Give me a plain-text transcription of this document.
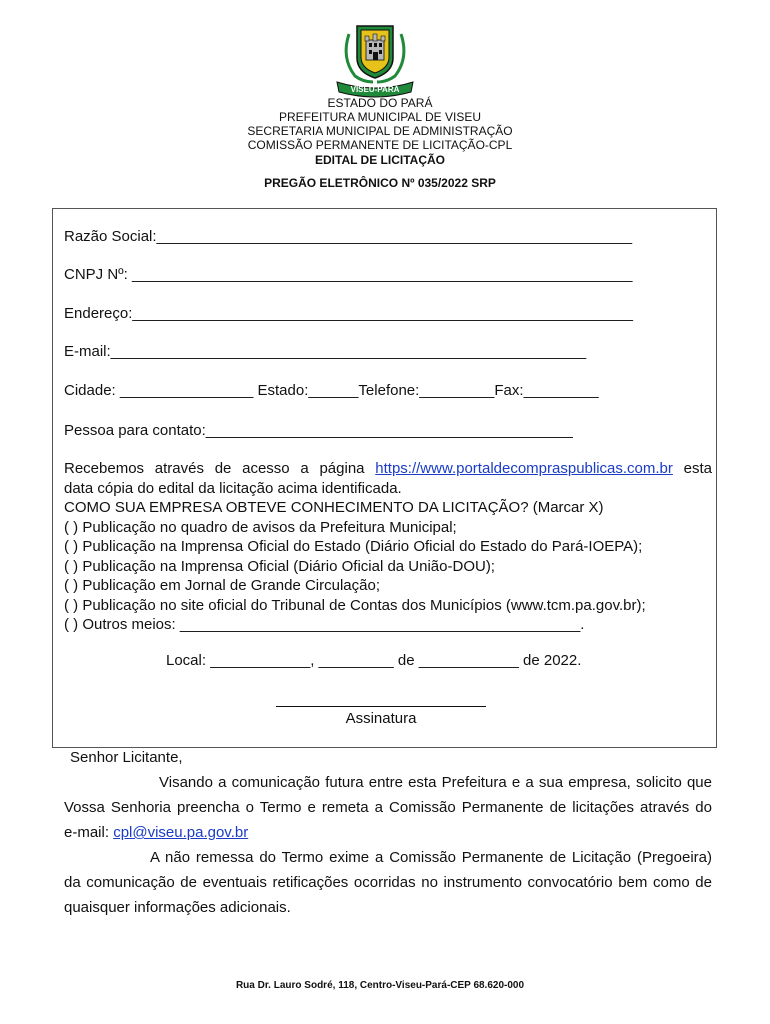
VISEU-PARÁ
ESTADO DO PARÁ
PREFEITURA MUNICIPAL DE VISEU
SECRETARIA MUNICIPAL DE ADMINISTRAÇÃO
COMISSÃO PERMANENTE DE LICITAÇÃO-CPL
EDITAL DE LICITAÇÃO
PREGÃO ELETRÔNICO Nº 035/2022 SRP
Razão Social:_________________________________________________________
CNPJ Nº: ____________________________________________________________
Endereço:____________________________________________________________
E-mail:_________________________________________________________
Cidade: ________________ Estado:______Telefone:_________Fax:_________
Pessoa para contato:____________________________________________

Recebemos através de acesso a página https://www.portaldecompraspublicas.com.br esta

data cópia do edital da licitação acima identificada.

COMO SUA EMPRESA OBTEVE CONHECIMENTO DA LICITAÇÃO? (Marcar X)

( ) Publicação no quadro de avisos da Prefeitura Municipal;

( ) Publicação na Imprensa Oficial do Estado (Diário Oficial do Estado do Pará-IOEPA);

( ) Publicação na Imprensa Oficial (Diário Oficial da União-DOU);

( ) Publicação em Jornal de Grande Circulação;

( ) Publicação no site oficial do Tribunal de Contas dos Municípios (www.tcm.pa.gov.br);

( ) Outros meios: ________________________________________________.

Local: ____________, _________ de ____________ de 2022.
Assinatura
Senhor Licitante,

Visando a comunicação futura entre esta Prefeitura e a sua empresa, solicito que

Vossa Senhoria preencha o Termo e remeta a Comissão Permanente de licitações através do

e-mail: cpl@viseu.pa.gov.br

A não remessa do Termo exime a Comissão Permanente de Licitação (Pregoeira)

da comunicação de eventuais retificações ocorridas no instrumento convocatório bem como de

quaisquer informações adicionais.

Rua Dr. Lauro Sodré, 118, Centro-Viseu-Pará-CEP 68.620-000
